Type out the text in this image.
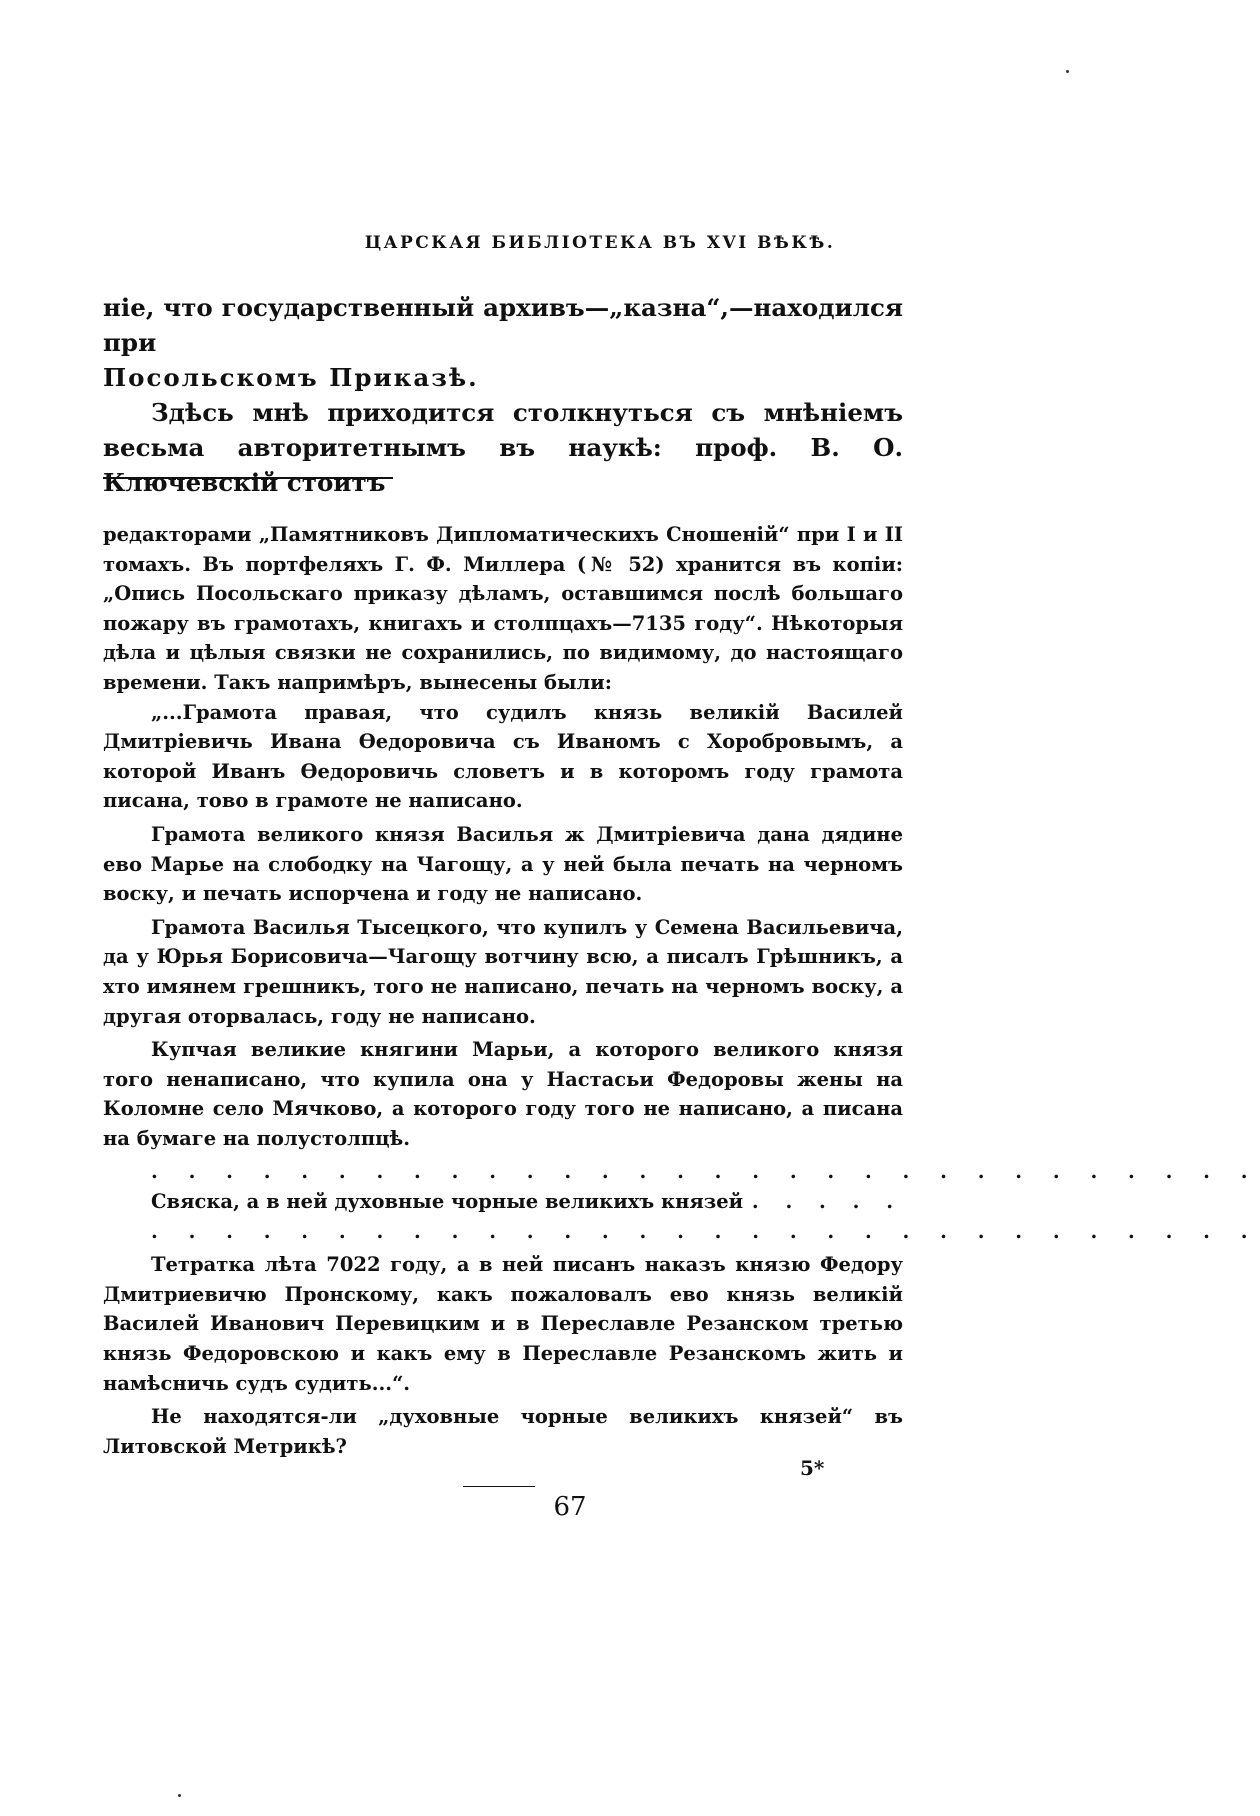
ЦАРСКАЯ БИБЛІОТЕКА ВЪ XVI ВѢКѢ.

ніе, что государственный архивъ—„казна“,—находился при
Посольскомъ Приказѣ.

Здѣсь мнѣ приходится столкнуться съ мнѣніемъ весьма авторитетнымъ въ наукѣ: проф. В. О. Ключевскій стоитъ

редакторами „Памятниковъ Дипломатическихъ Сношеній“ при I и II томахъ. Въ портфеляхъ Г. Ф. Миллера (№ 52) хранится въ копіи: „Опись Посольскаго приказу дѣламъ, оставшимся послѣ большаго пожару въ грамотахъ, книгахъ и столпцахъ—7135 году“. Нѣкоторыя дѣла и цѣлыя связки не сохранились, по видимому, до настоящаго времени. Такъ напримѣръ, вынесены были:

„...Грамота правая, что судилъ князь великій Василей Дмитріевичь Ивана Өедоровича съ Иваномъ с Хоробровымъ, а которой Иванъ Өедоровичь словетъ и в которомъ году грамота писана, тово в грамоте не написано.

Грамота великого князя Василья ж Дмитріевича дана дядине ево Марье на слободку на Чагощу, а у ней была печать на черномъ воску, и печать испорчена и году не написано.

Грамота Василья Тысецкого, что купилъ у Семена Васильевича, да у Юрья Борисовича—Чагощу вотчину всю, а писалъ Грѣшникъ, а хто имянем грешникъ, того не написано, печать на черномъ воску, а другая оторвалась, году не написано.

Купчая великие княгини Марьи, а которого великого князя того ненаписано, что купила она у Настасьи Федоровы жены на Коломне село Мячково, а которого году того не написано, а писана на бумаге на полустолпцѣ.

. . . . . . . . . . . . . . . . . . . . . . . . . . . . . .

Свяска, а в ней духовные чорные великихъ князей . . . . .

. . . . . . . . . . . . . . . . . . . . . . . . . . . . . .

Тетратка лѣта 7022 году, а в ней писанъ наказъ князю Федору Дмитриевичю Пронскому, какъ пожаловалъ ево князь великій Василей Иванович Перевицким и в Переславле Резанском третью князь Федоровскою и какъ ему в Переславле Резанскомъ жить и намѣсничь судъ судить...“.

Не находятся-ли „духовные чорные великихъ князей“ въ Литовской Метрикѣ?

5*
67
